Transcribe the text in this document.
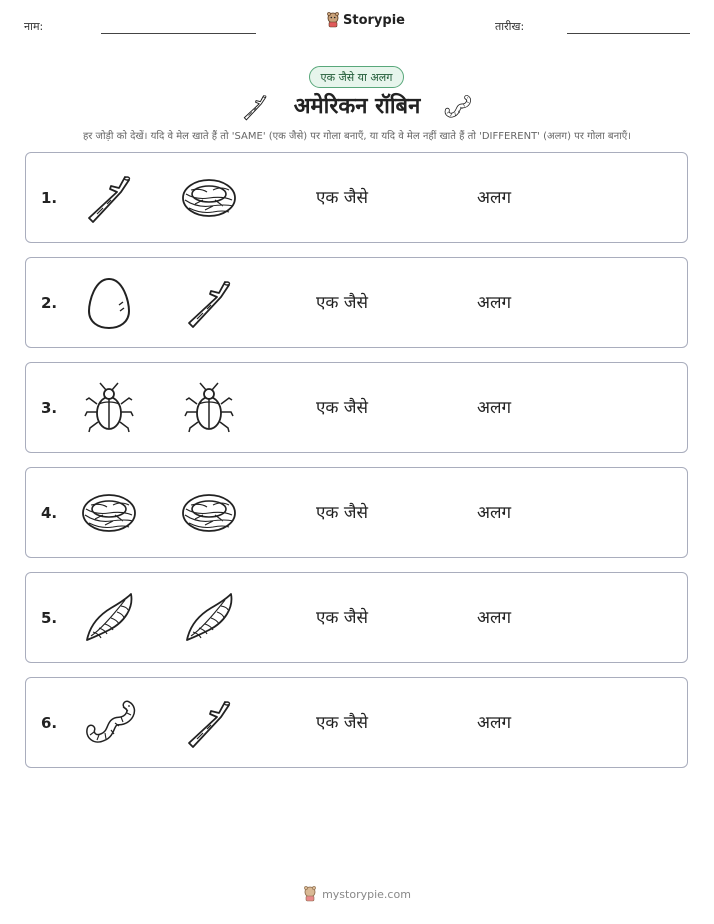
नाम:	Storypie	तारीख:
एक जैसे या अलग
अमेरिकन रॉबिन
हर जोड़ी को देखें। यदि वे मेल खाते हैं तो 'SAME' (एक जैसे) पर गोला बनाएँ, या यदि वे मेल नहीं खाते हैं तो 'DIFFERENT' (अलग) पर गोला बनाएँ।
1.	एक जैसे	अलग
2.	एक जैसे	अलग
3.	एक जैसे	अलग
4.	एक जैसे	अलग
5.	एक जैसे	अलग
6.	एक जैसे	अलग
mystorypie.com
